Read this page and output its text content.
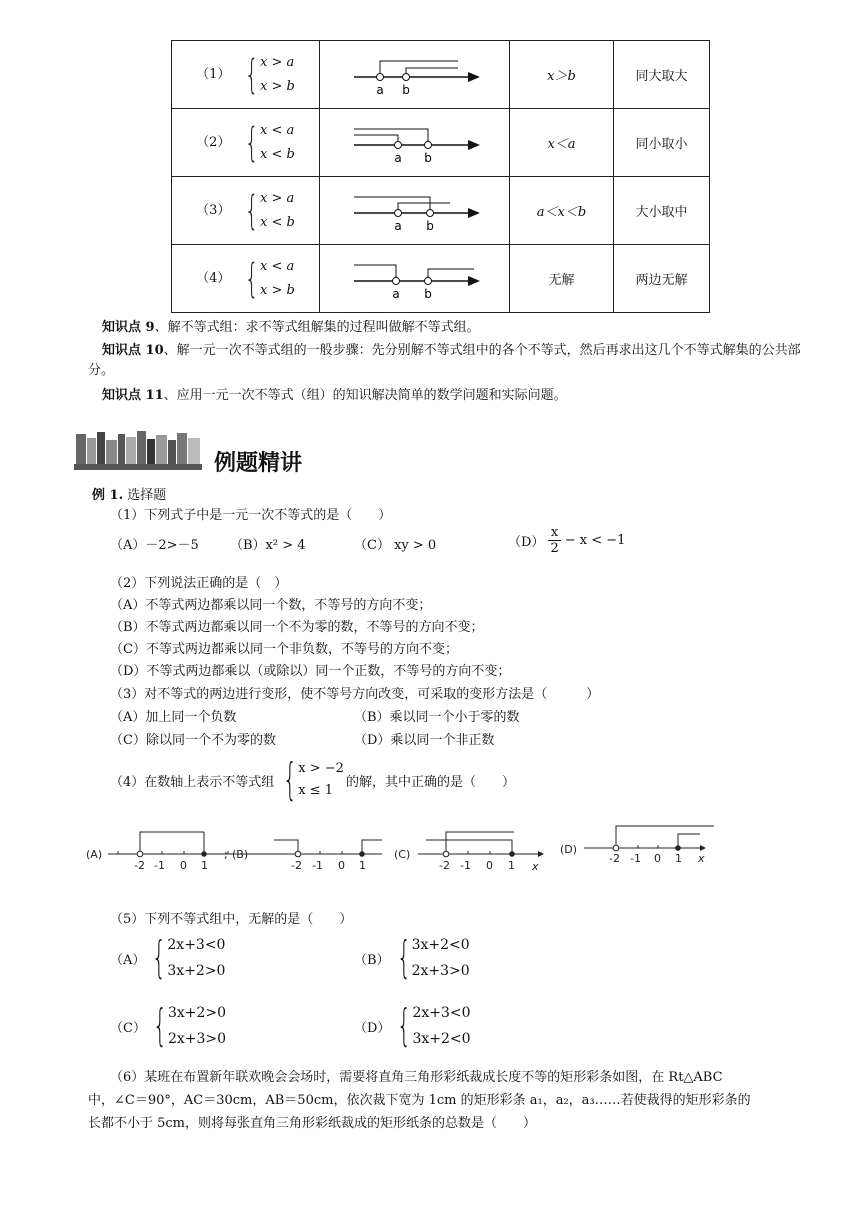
（1） { x > a
x > b	a b	x＞b	同大取大
（2） { x < a
x < b	a b	x＜a	同小取小
（3） { x > a
x < b	a b	a＜x＜b	大小取中
（4） { x < a
x > b	a b	无解	两边无解
知识点 9、解不等式组：求不等式组解集的过程叫做解不等式组。
知识点 10、解一元一次不等式组的一般步骤：先分别解不等式组中的各个不等式，然后再求出这几个不等式解集的公共部分。
知识点 11、应用一元一次不等式（组）的知识解决简单的数学问题和实际问题。
例题精讲
例 1. 选择题
（1）下列式子中是一元一次不等式的是（　　）
（A）－2>－5 （B）x² > 4	（C） xy > 0	（D）
x
2
− x < −1
（2）下列说法正确的是（　）
（A）不等式两边都乘以同一个数，不等号的方向不变；
（B）不等式两边都乘以同一个不为零的数，不等号的方向不变；
（C）不等式两边都乘以同一个非负数，不等号的方向不变；
（D）不等式两边都乘以（或除以）同一个正数，不等号的方向不变；
（3）对不等式的两边进行变形，使不等号方向改变，可采取的变形方法是（　　　）
（A）加上同一个负数	（B）乘以同一个小于零的数
（C）除以同一个不为零的数	（D）乘以同一个非正数
（4）在数轴上表示不等式组 { x > −2
x ≤ 1
的解，其中正确的是（　　）
(A)
-2 -1 0 1
; (B)
-2 -1 0 1
(C)
-2 -1 0 1 x
(D)
-2 -1 0 1 x
（5）下列不等式组中，无解的是（　　）
（A） { 2x+3<0
3x+2>0
（B） { 3x+2<0
2x+3>0
（C） { 3x+2>0
2x+3>0
（D） { 2x+3<0
3x+2<0
（6）某班在布置新年联欢晚会会场时，需要将直角三角形彩纸裁成长度不等的矩形彩条如图，在 Rt△ABC
中，∠C＝90°，AC＝30cm，AB＝50cm，依次裁下宽为 1cm 的矩形彩条 a₁，a₂，a₃……若使裁得的矩形彩条的
长都不小于 5cm，则将每张直角三角形彩纸裁成的矩形纸条的总数是（　　）
